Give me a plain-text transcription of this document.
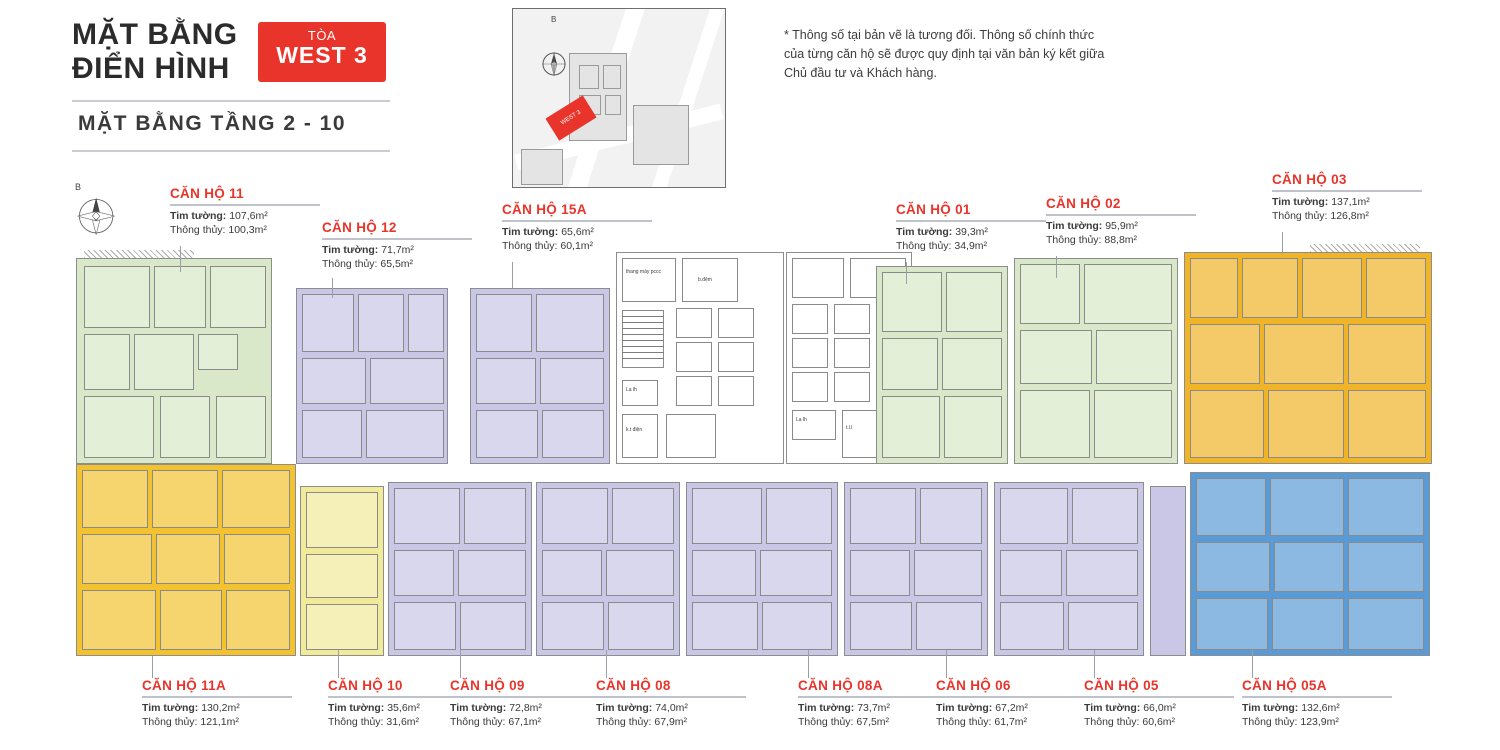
MẶT BẰNG
ĐIỂN HÌNH
TÒA
WEST 3
MẶT BẰNG TẦNG 2 - 10
B
WEST 3
* Thông số tại bản vẽ là tương đối. Thông số chính thức của từng căn hộ sẽ được quy định tại văn bản ký kết giữa Chủ đầu tư và Khách hàng.
B
thang máy pccc
b.đệm
La lh
k.t điện
La lh
t.l.l
CĂN HỘ 11
Tim tường: 107,6m²
Thông thủy: 100,3m²	CĂN HỘ 12
Tim tường: 71,7m²
Thông thủy: 65,5m²
CĂN HỘ 15A
Tim tường: 65,6m²
Thông thủy: 60,1m²
CĂN HỘ 01
Tim tường: 39,3m²
Thông thủy: 34,9m²
CĂN HỘ 02
Tim tường: 95,9m²
Thông thủy: 88,8m²
CĂN HỘ 03
Tim tường: 137,1m²
Thông thủy: 126,8m²
CĂN HỘ 11A
Tim tường: 130,2m²
Thông thủy: 121,1m²
CĂN HỘ 10
Tim tường: 35,6m²
Thông thủy: 31,6m²
CĂN HỘ 09
Tim tường: 72,8m²
Thông thủy: 67,1m²
CĂN HỘ 08
Tim tường: 74,0m²
Thông thủy: 67,9m²
CĂN HỘ 08A
Tim tường: 73,7m²
Thông thủy: 67,5m²
CĂN HỘ 06
Tim tường: 67,2m²
Thông thủy: 61,7m²
CĂN HỘ 05
Tim tường: 66,0m²
Thông thủy: 60,6m²
CĂN HỘ 05A
Tim tường: 132,6m²
Thông thủy: 123,9m²
